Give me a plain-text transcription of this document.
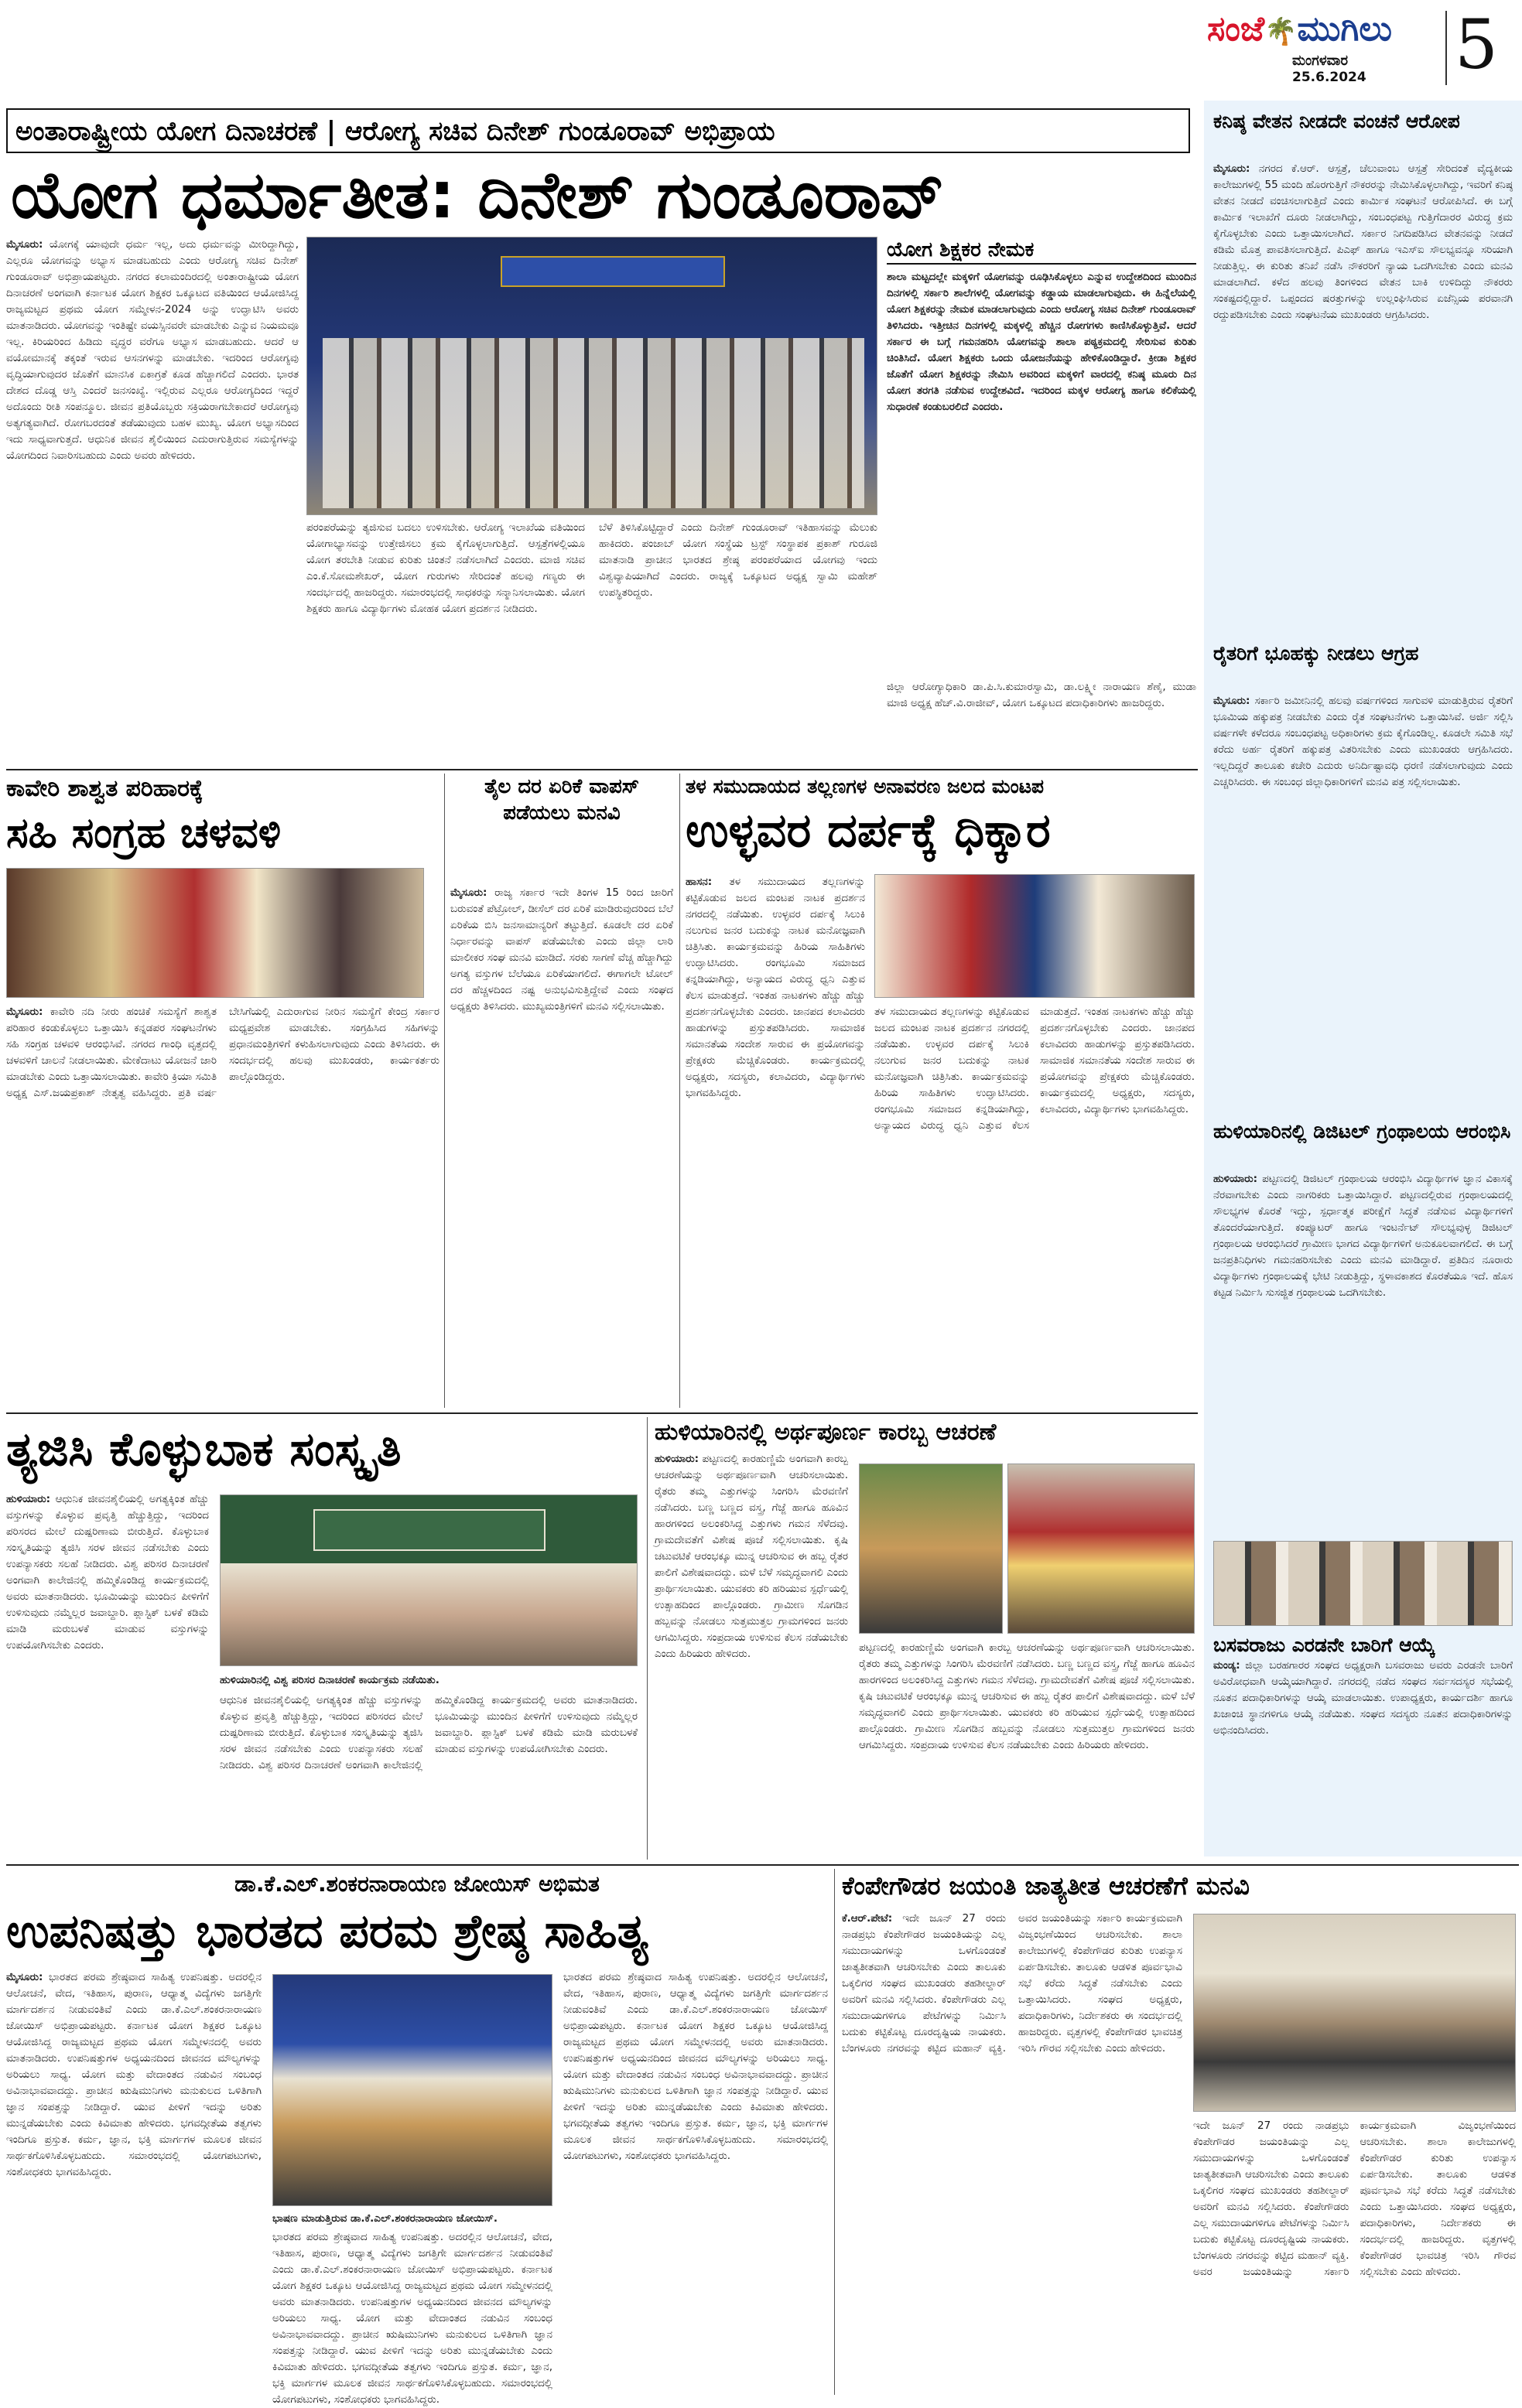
ಸಂಜೆ🌴ಮುಗಿಲು
ಮಂಗಳವಾರ
25.6.2024 5
ಅಂತಾರಾಷ್ಟ್ರೀಯ ಯೋಗ ದಿನಾಚರಣೆ | ಆರೋಗ್ಯ ಸಚಿವ ದಿನೇಶ್ ಗುಂಡೂರಾವ್ ಅಭಿಪ್ರಾಯ
ಯೋಗ ಧರ್ಮಾತೀತ: ದಿನೇಶ್ ಗುಂಡೂರಾವ್

ಮೈಸೂರು: ಯೋಗಕ್ಕೆ ಯಾವುದೇ ಧರ್ಮ ಇಲ್ಲ, ಅದು ಧರ್ಮವನ್ನು ಮೀರಿದ್ದಾಗಿದ್ದು, ಎಲ್ಲರೂ ಯೋಗವನ್ನು ಅಭ್ಯಾಸ ಮಾಡಬಹುದು ಎಂದು ಆರೋಗ್ಯ ಸಚಿವ ದಿನೇಶ್ ಗುಂಡೂರಾವ್ ಅಭಿಪ್ರಾಯಪಟ್ಟರು. ನಗರದ ಕಲಾಮಂದಿರದಲ್ಲಿ ಅಂತಾರಾಷ್ಟ್ರೀಯ ಯೋಗ ದಿನಾಚರಣೆ ಅಂಗವಾಗಿ ಕರ್ನಾಟಕ ಯೋಗ ಶಿಕ್ಷಕರ ಒಕ್ಕೂಟದ ವತಿಯಿಂದ ಆಯೋಜಿಸಿದ್ದ ರಾಜ್ಯಮಟ್ಟದ ಪ್ರಥಮ ಯೋಗ ಸಮ್ಮೇಳನ-2024 ಅನ್ನು ಉದ್ಘಾಟಿಸಿ ಅವರು ಮಾತನಾಡಿದರು. ಯೋಗವನ್ನು ಇಂತಿಷ್ಟೇ ವಯಸ್ಸಿನವರೇ ಮಾಡಬೇಕು ಎನ್ನುವ ನಿಯಮವೂ ಇಲ್ಲ. ಕಿರಿಯರಿಂದ ಹಿಡಿದು ವೃದ್ಧರ ವರೆಗೂ ಅಭ್ಯಾಸ ಮಾಡಬಹುದು. ಆದರೆ ಆ ವಯೋಮಾನಕ್ಕೆ ತಕ್ಕಂತೆ ಇರುವ ಆಸನಗಳನ್ನು ಮಾಡಬೇಕು. ಇದರಿಂದ ಆರೋಗ್ಯವು ವೃದ್ಧಿಯಾಗುವುದರ ಜೊತೆಗೆ ಮಾನಸಿಕ ಏಕಾಗ್ರತೆ ಕೂಡ ಹೆಚ್ಚಾಗಲಿದೆ ಎಂದರು. ಭಾರತ ದೇಶದ ದೊಡ್ಡ ಆಸ್ತಿ ಎಂದರೆ ಜನಸಂಖ್ಯೆ. ಇಲ್ಲಿರುವ ಎಲ್ಲರೂ ಆರೋಗ್ಯದಿಂದ ಇದ್ದರೆ ಅದೊಂದು ರೀತಿ ಸಂಪನ್ಮೂಲ. ಜೀವನ ಪ್ರತಿಯೊಬ್ಬರು ಸಕ್ರಿಯರಾಗಬೇಕಾದರೆ ಆರೋಗ್ಯವು ಅತ್ಯಗತ್ಯವಾಗಿದೆ. ರೋಗಬರದಂತೆ ತಡೆಯುವುದು ಬಹಳ ಮುಖ್ಯ. ಯೋಗ ಅಭ್ಯಾಸದಿಂದ ಇದು ಸಾಧ್ಯವಾಗುತ್ತದೆ. ಆಧುನಿಕ ಜೀವನ ಶೈಲಿಯಿಂದ ಎದುರಾಗುತ್ತಿರುವ ಸಮಸ್ಯೆಗಳನ್ನು ಯೋಗದಿಂದ ನಿವಾರಿಸಬಹುದು ಎಂದು ಅವರು ಹೇಳಿದರು.

ಪರಂಪರೆಯನ್ನು ತ್ಯಜಿಸುವ ಬದಲು ಉಳಿಸಬೇಕು. ಆರೋಗ್ಯ ಇಲಾಖೆಯ ವತಿಯಿಂದ ಯೋಗಾಭ್ಯಾಸವನ್ನು ಉತ್ತೇಜಿಸಲು ಕ್ರಮ ಕೈಗೊಳ್ಳಲಾಗುತ್ತಿದೆ. ಆಸ್ಪತ್ರೆಗಳಲ್ಲಿಯೂ ಯೋಗ ತರಬೇತಿ ನೀಡುವ ಕುರಿತು ಚಿಂತನೆ ನಡೆಸಲಾಗಿದೆ ಎಂದರು. ಮಾಜಿ ಸಚಿವ ಎಂ.ಕೆ.ಸೋಮಶೇಖರ್, ಯೋಗ ಗುರುಗಳು ಸೇರಿದಂತೆ ಹಲವು ಗಣ್ಯರು ಈ ಸಂದರ್ಭದಲ್ಲಿ ಹಾಜರಿದ್ದರು. ಸಮಾರಂಭದಲ್ಲಿ ಸಾಧಕರನ್ನು ಸನ್ಮಾನಿಸಲಾಯಿತು. ಯೋಗ ಶಿಕ್ಷಕರು ಹಾಗೂ ವಿದ್ಯಾರ್ಥಿಗಳು ಮೋಹಕ ಯೋಗ ಪ್ರದರ್ಶನ ನೀಡಿದರು.

ಬೆಳೆ ತಿಳಿಸಿಕೊಟ್ಟಿದ್ದಾರೆ ಎಂದು ದಿನೇಶ್ ಗುಂಡೂರಾವ್ ಇತಿಹಾಸವನ್ನು ಮೆಲುಕು ಹಾಕಿದರು. ಪಂಜಾಬ್ ಯೋಗ ಸಂಸ್ಥೆಯ ಟ್ರಸ್ಟ್ ಸಂಸ್ಥಾಪಕ ಪ್ರಕಾಶ್ ಗುರೂಜಿ ಮಾತನಾಡಿ ಪ್ರಾಚೀನ ಭಾರತದ ಶ್ರೇಷ್ಠ ಪರಂಪರೆಯಾದ ಯೋಗವು ಇಂದು ವಿಶ್ವವ್ಯಾಪಿಯಾಗಿದೆ ಎಂದರು. ರಾಜ್ಯಕ್ಕೆ ಒಕ್ಕೂಟದ ಅಧ್ಯಕ್ಷ ಸ್ವಾಮಿ ಮಹೇಶ್ ಉಪಸ್ಥಿತರಿದ್ದರು.

ಯೋಗ ಶಿಕ್ಷಕರ ನೇಮಕ
ಶಾಲಾ ಮಟ್ಟದಲ್ಲೇ ಮಕ್ಕಳಿಗೆ ಯೋಗವನ್ನು ರೂಢಿಸಿಕೊಳ್ಳಲು ಎನ್ನುವ ಉದ್ದೇಶದಿಂದ ಮುಂದಿನ ದಿನಗಳಲ್ಲಿ ಸರ್ಕಾರಿ ಶಾಲೆಗಳಲ್ಲಿ ಯೋಗವನ್ನು ಕಡ್ಡಾಯ ಮಾಡಲಾಗುವುದು. ಈ ಹಿನ್ನೆಲೆಯಲ್ಲಿ ಯೋಗ ಶಿಕ್ಷಕರನ್ನು ನೇಮಕ ಮಾಡಲಾಗುವುದು ಎಂದು ಆರೋಗ್ಯ ಸಚಿವ ದಿನೇಶ್ ಗುಂಡೂರಾವ್ ತಿಳಿಸಿದರು. ಇತ್ತೀಚಿನ ದಿನಗಳಲ್ಲಿ ಮಕ್ಕಳಲ್ಲಿ ಹೆಚ್ಚಿನ ರೋಗಗಳು ಕಾಣಿಸಿಕೊಳ್ಳುತ್ತಿವೆ. ಆದರೆ ಸರ್ಕಾರ ಈ ಬಗ್ಗೆ ಗಮನಹರಿಸಿ ಯೋಗವನ್ನು ಶಾಲಾ ಪಠ್ಯಕ್ರಮದಲ್ಲಿ ಸೇರಿಸುವ ಕುರಿತು ಚಿಂತಿಸಿದೆ. ಯೋಗ ಶಿಕ್ಷಕರು ಒಂದು ಯೋಜನೆಯನ್ನು ಹೇಳಿಕೊಂಡಿದ್ದಾರೆ. ಕ್ರೀಡಾ ಶಿಕ್ಷಕರ ಜೊತೆಗೆ ಯೋಗ ಶಿಕ್ಷಕರನ್ನು ನೇಮಿಸಿ ಅವರಿಂದ ಮಕ್ಕಳಿಗೆ ವಾರದಲ್ಲಿ ಕನಿಷ್ಠ ಮೂರು ದಿನ ಯೋಗ ತರಗತಿ ನಡೆಸುವ ಉದ್ದೇಶವಿದೆ. ಇದರಿಂದ ಮಕ್ಕಳ ಆರೋಗ್ಯ ಹಾಗೂ ಕಲಿಕೆಯಲ್ಲಿ ಸುಧಾರಣೆ ಕಂಡುಬರಲಿದೆ ಎಂದರು.
ಜಿಲ್ಲಾ ಆರೋಗ್ಯಾಧಿಕಾರಿ ಡಾ.ಪಿ.ಸಿ.ಕುಮಾರಸ್ವಾಮಿ, ಡಾ.ಲಕ್ಷ್ಮೀ ನಾರಾಯಣ ಶೆಣೈ, ಮುಡಾ ಮಾಜಿ ಅಧ್ಯಕ್ಷ ಹೆಚ್.ವಿ.ರಾಜೀವ್, ಯೋಗ ಒಕ್ಕೂಟದ ಪದಾಧಿಕಾರಿಗಳು ಹಾಜರಿದ್ದರು.
ಕನಿಷ್ಠ ವೇತನ ನೀಡದೇ ವಂಚನೆ ಆರೋಪ
ಮೈಸೂರು: ನಗರದ ಕೆ.ಆರ್. ಆಸ್ಪತ್ರೆ, ಚೆಲುವಾಂಬ ಆಸ್ಪತ್ರೆ ಸೇರಿದಂತೆ ವೈದ್ಯಕೀಯ ಕಾಲೇಜುಗಳಲ್ಲಿ 55 ಮಂದಿ ಹೊರಗುತ್ತಿಗೆ ನೌಕರರನ್ನು ನೇಮಿಸಿಕೊಳ್ಳಲಾಗಿದ್ದು, ಇವರಿಗೆ ಕನಿಷ್ಠ ವೇತನ ನೀಡದೆ ವಂಚಿಸಲಾಗುತ್ತಿದೆ ಎಂದು ಕಾರ್ಮಿಕ ಸಂಘಟನೆ ಆರೋಪಿಸಿದೆ. ಈ ಬಗ್ಗೆ ಕಾರ್ಮಿಕ ಇಲಾಖೆಗೆ ದೂರು ನೀಡಲಾಗಿದ್ದು, ಸಂಬಂಧಪಟ್ಟ ಗುತ್ತಿಗೆದಾರರ ವಿರುದ್ಧ ಕ್ರಮ ಕೈಗೊಳ್ಳಬೇಕು ಎಂದು ಒತ್ತಾಯಿಸಲಾಗಿದೆ. ಸರ್ಕಾರ ನಿಗದಿಪಡಿಸಿದ ವೇತನವನ್ನು ನೀಡದೆ ಕಡಿಮೆ ಮೊತ್ತ ಪಾವತಿಸಲಾಗುತ್ತಿದೆ. ಪಿಎಫ್ ಹಾಗೂ ಇಎಸ್ಐ ಸೌಲಭ್ಯವನ್ನೂ ಸರಿಯಾಗಿ ನೀಡುತ್ತಿಲ್ಲ. ಈ ಕುರಿತು ತನಿಖೆ ನಡೆಸಿ ನೌಕರರಿಗೆ ನ್ಯಾಯ ಒದಗಿಸಬೇಕು ಎಂದು ಮನವಿ ಮಾಡಲಾಗಿದೆ. ಕಳೆದ ಹಲವು ತಿಂಗಳಿಂದ ವೇತನ ಬಾಕಿ ಉಳಿದಿದ್ದು ನೌಕರರು ಸಂಕಷ್ಟದಲ್ಲಿದ್ದಾರೆ. ಒಪ್ಪಂದದ ಷರತ್ತುಗಳನ್ನು ಉಲ್ಲಂಘಿಸಿರುವ ಏಜೆನ್ಸಿಯ ಪರವಾನಗಿ ರದ್ದುಪಡಿಸಬೇಕು ಎಂದು ಸಂಘಟನೆಯ ಮುಖಂಡರು ಆಗ್ರಹಿಸಿದರು.
ರೈತರಿಗೆ ಭೂಹಕ್ಕು ನೀಡಲು ಆಗ್ರಹ
ಮೈಸೂರು: ಸರ್ಕಾರಿ ಜಮೀನಿನಲ್ಲಿ ಹಲವು ವರ್ಷಗಳಿಂದ ಸಾಗುವಳಿ ಮಾಡುತ್ತಿರುವ ರೈತರಿಗೆ ಭೂಮಿಯ ಹಕ್ಕುಪತ್ರ ನೀಡಬೇಕು ಎಂದು ರೈತ ಸಂಘಟನೆಗಳು ಒತ್ತಾಯಿಸಿವೆ. ಅರ್ಜಿ ಸಲ್ಲಿಸಿ ವರ್ಷಗಳೇ ಕಳೆದರೂ ಸಂಬಂಧಪಟ್ಟ ಅಧಿಕಾರಿಗಳು ಕ್ರಮ ಕೈಗೊಂಡಿಲ್ಲ. ಕೂಡಲೇ ಸಮಿತಿ ಸಭೆ ಕರೆದು ಅರ್ಹ ರೈತರಿಗೆ ಹಕ್ಕುಪತ್ರ ವಿತರಿಸಬೇಕು ಎಂದು ಮುಖಂಡರು ಆಗ್ರಹಿಸಿದರು. ಇಲ್ಲದಿದ್ದರೆ ತಾಲೂಕು ಕಚೇರಿ ಎದುರು ಅನಿರ್ದಿಷ್ಟಾವಧಿ ಧರಣಿ ನಡೆಸಲಾಗುವುದು ಎಂದು ಎಚ್ಚರಿಸಿದರು. ಈ ಸಂಬಂಧ ಜಿಲ್ಲಾಧಿಕಾರಿಗಳಿಗೆ ಮನವಿ ಪತ್ರ ಸಲ್ಲಿಸಲಾಯಿತು.
ಹುಳಿಯಾರಿನಲ್ಲಿ ಡಿಜಿಟಲ್ ಗ್ರಂಥಾಲಯ ಆರಂಭಿಸಿ
ಹುಳಿಯಾರು: ಪಟ್ಟಣದಲ್ಲಿ ಡಿಜಿಟಲ್ ಗ್ರಂಥಾಲಯ ಆರಂಭಿಸಿ ವಿದ್ಯಾರ್ಥಿಗಳ ಜ್ಞಾನ ವಿಕಾಸಕ್ಕೆ ನೆರವಾಗಬೇಕು ಎಂದು ನಾಗರಿಕರು ಒತ್ತಾಯಿಸಿದ್ದಾರೆ. ಪಟ್ಟಣದಲ್ಲಿರುವ ಗ್ರಂಥಾಲಯದಲ್ಲಿ ಸೌಲಭ್ಯಗಳ ಕೊರತೆ ಇದ್ದು, ಸ್ಪರ್ಧಾತ್ಮಕ ಪರೀಕ್ಷೆಗೆ ಸಿದ್ಧತೆ ನಡೆಸುವ ವಿದ್ಯಾರ್ಥಿಗಳಿಗೆ ತೊಂದರೆಯಾಗುತ್ತಿದೆ. ಕಂಪ್ಯೂಟರ್ ಹಾಗೂ ಇಂಟರ್ನೆಟ್ ಸೌಲಭ್ಯವುಳ್ಳ ಡಿಜಿಟಲ್ ಗ್ರಂಥಾಲಯ ಆರಂಭಿಸಿದರೆ ಗ್ರಾಮೀಣ ಭಾಗದ ವಿದ್ಯಾರ್ಥಿಗಳಿಗೆ ಅನುಕೂಲವಾಗಲಿದೆ. ಈ ಬಗ್ಗೆ ಜನಪ್ರತಿನಿಧಿಗಳು ಗಮನಹರಿಸಬೇಕು ಎಂದು ಮನವಿ ಮಾಡಿದ್ದಾರೆ. ಪ್ರತಿದಿನ ನೂರಾರು ವಿದ್ಯಾರ್ಥಿಗಳು ಗ್ರಂಥಾಲಯಕ್ಕೆ ಭೇಟಿ ನೀಡುತ್ತಿದ್ದು, ಸ್ಥಳಾವಕಾಶದ ಕೊರತೆಯೂ ಇದೆ. ಹೊಸ ಕಟ್ಟಡ ನಿರ್ಮಿಸಿ ಸುಸಜ್ಜಿತ ಗ್ರಂಥಾಲಯ ಒದಗಿಸಬೇಕು.
ಬಸವರಾಜು ಎರಡನೇ ಬಾರಿಗೆ ಆಯ್ಕೆ
ಮಂಡ್ಯ: ಜಿಲ್ಲಾ ಬರಹಗಾರರ ಸಂಘದ ಅಧ್ಯಕ್ಷರಾಗಿ ಬಸವರಾಜು ಅವರು ಎರಡನೇ ಬಾರಿಗೆ ಅವಿರೋಧವಾಗಿ ಆಯ್ಕೆಯಾಗಿದ್ದಾರೆ. ನಗರದಲ್ಲಿ ನಡೆದ ಸಂಘದ ಸರ್ವಸದಸ್ಯರ ಸಭೆಯಲ್ಲಿ ನೂತನ ಪದಾಧಿಕಾರಿಗಳನ್ನು ಆಯ್ಕೆ ಮಾಡಲಾಯಿತು. ಉಪಾಧ್ಯಕ್ಷರು, ಕಾರ್ಯದರ್ಶಿ ಹಾಗೂ ಖಜಾಂಚಿ ಸ್ಥಾನಗಳಿಗೂ ಆಯ್ಕೆ ನಡೆಯಿತು. ಸಂಘದ ಸದಸ್ಯರು ನೂತನ ಪದಾಧಿಕಾರಿಗಳನ್ನು ಅಭಿನಂದಿಸಿದರು.
ಕಾವೇರಿ ಶಾಶ್ವತ ಪರಿಹಾರಕ್ಕೆ
ಸಹಿ ಸಂಗ್ರಹ ಚಳವಳಿ
ಮೈಸೂರು: ಕಾವೇರಿ ನದಿ ನೀರು ಹಂಚಿಕೆ ಸಮಸ್ಯೆಗೆ ಶಾಶ್ವತ ಪರಿಹಾರ ಕಂಡುಕೊಳ್ಳಲು ಒತ್ತಾಯಿಸಿ ಕನ್ನಡಪರ ಸಂಘಟನೆಗಳು ಸಹಿ ಸಂಗ್ರಹ ಚಳವಳಿ ಆರಂಭಿಸಿವೆ. ನಗರದ ಗಾಂಧಿ ವೃತ್ತದಲ್ಲಿ ಚಳವಳಿಗೆ ಚಾಲನೆ ನೀಡಲಾಯಿತು. ಮೇಕೆದಾಟು ಯೋಜನೆ ಜಾರಿ ಮಾಡಬೇಕು ಎಂದು ಒತ್ತಾಯಿಸಲಾಯಿತು. ಕಾವೇರಿ ಕ್ರಿಯಾ ಸಮಿತಿ ಅಧ್ಯಕ್ಷ ಎಸ್.ಜಯಪ್ರಕಾಶ್ ನೇತೃತ್ವ ವಹಿಸಿದ್ದರು. ಪ್ರತಿ ವರ್ಷ ಬೇಸಿಗೆಯಲ್ಲಿ ಎದುರಾಗುವ ನೀರಿನ ಸಮಸ್ಯೆಗೆ ಕೇಂದ್ರ ಸರ್ಕಾರ ಮಧ್ಯಪ್ರವೇಶ ಮಾಡಬೇಕು. ಸಂಗ್ರಹಿಸಿದ ಸಹಿಗಳನ್ನು ಪ್ರಧಾನಮಂತ್ರಿಗಳಿಗೆ ಕಳುಹಿಸಲಾಗುವುದು ಎಂದು ತಿಳಿಸಿದರು. ಈ ಸಂದರ್ಭದಲ್ಲಿ ಹಲವು ಮುಖಂಡರು, ಕಾರ್ಯಕರ್ತರು ಪಾಲ್ಗೊಂಡಿದ್ದರು.
ತೈಲ ದರ ಏರಿಕೆ ವಾಪಸ್ ಪಡೆಯಲು ಮನವಿ
ಮೈಸೂರು: ರಾಜ್ಯ ಸರ್ಕಾರ ಇದೇ ತಿಂಗಳ 15 ರಿಂದ ಜಾರಿಗೆ ಬರುವಂತೆ ಪೆಟ್ರೋಲ್, ಡೀಸೆಲ್ ದರ ಏರಿಕೆ ಮಾಡಿರುವುದರಿಂದ ಬೆಲೆ ಏರಿಕೆಯ ಬಿಸಿ ಜನಸಾಮಾನ್ಯರಿಗೆ ತಟ್ಟುತ್ತಿದೆ. ಕೂಡಲೇ ದರ ಏರಿಕೆ ನಿರ್ಧಾರವನ್ನು ವಾಪಸ್ ಪಡೆಯಬೇಕು ಎಂದು ಜಿಲ್ಲಾ ಲಾರಿ ಮಾಲೀಕರ ಸಂಘ ಮನವಿ ಮಾಡಿದೆ. ಸರಕು ಸಾಗಣೆ ವೆಚ್ಚ ಹೆಚ್ಚಾಗಿದ್ದು ಅಗತ್ಯ ವಸ್ತುಗಳ ಬೆಲೆಯೂ ಏರಿಕೆಯಾಗಲಿದೆ. ಈಗಾಗಲೇ ಟೋಲ್ ದರ ಹೆಚ್ಚಳದಿಂದ ನಷ್ಟ ಅನುಭವಿಸುತ್ತಿದ್ದೇವೆ ಎಂದು ಸಂಘದ ಅಧ್ಯಕ್ಷರು ತಿಳಿಸಿದರು. ಮುಖ್ಯಮಂತ್ರಿಗಳಿಗೆ ಮನವಿ ಸಲ್ಲಿಸಲಾಯಿತು.
ತಳ ಸಮುದಾಯದ ತಲ್ಲಣಗಳ ಅನಾವರಣ ಜಲದ ಮಂಟಪ
ಉಳ್ಳವರ ದರ್ಪಕ್ಕೆ ಧಿಕ್ಕಾರ
ಹಾಸನ: ತಳ ಸಮುದಾಯದ ತಲ್ಲಣಗಳನ್ನು ಕಟ್ಟಿಕೊಡುವ ಜಲದ ಮಂಟಪ ನಾಟಕ ಪ್ರದರ್ಶನ ನಗರದಲ್ಲಿ ನಡೆಯಿತು. ಉಳ್ಳವರ ದರ್ಪಕ್ಕೆ ಸಿಲುಕಿ ನಲುಗುವ ಜನರ ಬದುಕನ್ನು ನಾಟಕ ಮನೋಜ್ಞವಾಗಿ ಚಿತ್ರಿಸಿತು. ಕಾರ್ಯಕ್ರಮವನ್ನು ಹಿರಿಯ ಸಾಹಿತಿಗಳು ಉದ್ಘಾಟಿಸಿದರು. ರಂಗಭೂಮಿ ಸಮಾಜದ ಕನ್ನಡಿಯಾಗಿದ್ದು, ಅನ್ಯಾಯದ ವಿರುದ್ಧ ಧ್ವನಿ ಎತ್ತುವ ಕೆಲಸ ಮಾಡುತ್ತದೆ. ಇಂತಹ ನಾಟಕಗಳು ಹೆಚ್ಚು ಹೆಚ್ಚು ಪ್ರದರ್ಶನಗೊಳ್ಳಬೇಕು ಎಂದರು. ಜಾನಪದ ಕಲಾವಿದರು ಹಾಡುಗಳನ್ನು ಪ್ರಸ್ತುತಪಡಿಸಿದರು. ಸಾಮಾಜಿಕ ಸಮಾನತೆಯ ಸಂದೇಶ ಸಾರುವ ಈ ಪ್ರಯೋಗವನ್ನು ಪ್ರೇಕ್ಷಕರು ಮೆಚ್ಚಿಕೊಂಡರು. ಕಾರ್ಯಕ್ರಮದಲ್ಲಿ ಅಧ್ಯಕ್ಷರು, ಸದಸ್ಯರು, ಕಲಾವಿದರು, ವಿದ್ಯಾರ್ಥಿಗಳು ಭಾಗವಹಿಸಿದ್ದರು.
ತಳ ಸಮುದಾಯದ ತಲ್ಲಣಗಳನ್ನು ಕಟ್ಟಿಕೊಡುವ ಜಲದ ಮಂಟಪ ನಾಟಕ ಪ್ರದರ್ಶನ ನಗರದಲ್ಲಿ ನಡೆಯಿತು. ಉಳ್ಳವರ ದರ್ಪಕ್ಕೆ ಸಿಲುಕಿ ನಲುಗುವ ಜನರ ಬದುಕನ್ನು ನಾಟಕ ಮನೋಜ್ಞವಾಗಿ ಚಿತ್ರಿಸಿತು. ಕಾರ್ಯಕ್ರಮವನ್ನು ಹಿರಿಯ ಸಾಹಿತಿಗಳು ಉದ್ಘಾಟಿಸಿದರು. ರಂಗಭೂಮಿ ಸಮಾಜದ ಕನ್ನಡಿಯಾಗಿದ್ದು, ಅನ್ಯಾಯದ ವಿರುದ್ಧ ಧ್ವನಿ ಎತ್ತುವ ಕೆಲಸ ಮಾಡುತ್ತದೆ. ಇಂತಹ ನಾಟಕಗಳು ಹೆಚ್ಚು ಹೆಚ್ಚು ಪ್ರದರ್ಶನಗೊಳ್ಳಬೇಕು ಎಂದರು. ಜಾನಪದ ಕಲಾವಿದರು ಹಾಡುಗಳನ್ನು ಪ್ರಸ್ತುತಪಡಿಸಿದರು. ಸಾಮಾಜಿಕ ಸಮಾನತೆಯ ಸಂದೇಶ ಸಾರುವ ಈ ಪ್ರಯೋಗವನ್ನು ಪ್ರೇಕ್ಷಕರು ಮೆಚ್ಚಿಕೊಂಡರು. ಕಾರ್ಯಕ್ರಮದಲ್ಲಿ ಅಧ್ಯಕ್ಷರು, ಸದಸ್ಯರು, ಕಲಾವಿದರು, ವಿದ್ಯಾರ್ಥಿಗಳು ಭಾಗವಹಿಸಿದ್ದರು.
ತ್ಯಜಿಸಿ ಕೊಳ್ಳುಬಾಕ ಸಂಸ್ಕೃತಿ
ಹುಳಿಯಾರು: ಆಧುನಿಕ ಜೀವನಶೈಲಿಯಲ್ಲಿ ಅಗತ್ಯಕ್ಕಿಂತ ಹೆಚ್ಚು ವಸ್ತುಗಳನ್ನು ಕೊಳ್ಳುವ ಪ್ರವೃತ್ತಿ ಹೆಚ್ಚುತ್ತಿದ್ದು, ಇದರಿಂದ ಪರಿಸರದ ಮೇಲೆ ದುಷ್ಪರಿಣಾಮ ಬೀರುತ್ತಿದೆ. ಕೊಳ್ಳುಬಾಕ ಸಂಸ್ಕೃತಿಯನ್ನು ತ್ಯಜಿಸಿ ಸರಳ ಜೀವನ ನಡೆಸಬೇಕು ಎಂದು ಉಪನ್ಯಾಸಕರು ಸಲಹೆ ನೀಡಿದರು. ವಿಶ್ವ ಪರಿಸರ ದಿನಾಚರಣೆ ಅಂಗವಾಗಿ ಕಾಲೇಜಿನಲ್ಲಿ ಹಮ್ಮಿಕೊಂಡಿದ್ದ ಕಾರ್ಯಕ್ರಮದಲ್ಲಿ ಅವರು ಮಾತನಾಡಿದರು. ಭೂಮಿಯನ್ನು ಮುಂದಿನ ಪೀಳಿಗೆಗೆ ಉಳಿಸುವುದು ನಮ್ಮೆಲ್ಲರ ಜವಾಬ್ದಾರಿ. ಪ್ಲಾಸ್ಟಿಕ್ ಬಳಕೆ ಕಡಿಮೆ ಮಾಡಿ ಮರುಬಳಕೆ ಮಾಡುವ ವಸ್ತುಗಳನ್ನು ಉಪಯೋಗಿಸಬೇಕು ಎಂದರು.
ಹುಳಿಯಾರಿನಲ್ಲಿ ವಿಶ್ವ ಪರಿಸರ ದಿನಾಚರಣೆ ಕಾರ್ಯಕ್ರಮ ನಡೆಯಿತು.
ಆಧುನಿಕ ಜೀವನಶೈಲಿಯಲ್ಲಿ ಅಗತ್ಯಕ್ಕಿಂತ ಹೆಚ್ಚು ವಸ್ತುಗಳನ್ನು ಕೊಳ್ಳುವ ಪ್ರವೃತ್ತಿ ಹೆಚ್ಚುತ್ತಿದ್ದು, ಇದರಿಂದ ಪರಿಸರದ ಮೇಲೆ ದುಷ್ಪರಿಣಾಮ ಬೀರುತ್ತಿದೆ. ಕೊಳ್ಳುಬಾಕ ಸಂಸ್ಕೃತಿಯನ್ನು ತ್ಯಜಿಸಿ ಸರಳ ಜೀವನ ನಡೆಸಬೇಕು ಎಂದು ಉಪನ್ಯಾಸಕರು ಸಲಹೆ ನೀಡಿದರು. ವಿಶ್ವ ಪರಿಸರ ದಿನಾಚರಣೆ ಅಂಗವಾಗಿ ಕಾಲೇಜಿನಲ್ಲಿ ಹಮ್ಮಿಕೊಂಡಿದ್ದ ಕಾರ್ಯಕ್ರಮದಲ್ಲಿ ಅವರು ಮಾತನಾಡಿದರು. ಭೂಮಿಯನ್ನು ಮುಂದಿನ ಪೀಳಿಗೆಗೆ ಉಳಿಸುವುದು ನಮ್ಮೆಲ್ಲರ ಜವಾಬ್ದಾರಿ. ಪ್ಲಾಸ್ಟಿಕ್ ಬಳಕೆ ಕಡಿಮೆ ಮಾಡಿ ಮರುಬಳಕೆ ಮಾಡುವ ವಸ್ತುಗಳನ್ನು ಉಪಯೋಗಿಸಬೇಕು ಎಂದರು.
ಹುಳಿಯಾರಿನಲ್ಲಿ ಅರ್ಥಪೂರ್ಣ ಕಾರಬ್ಬ ಆಚರಣೆ
ಹುಳಿಯಾರು: ಪಟ್ಟಣದಲ್ಲಿ ಕಾರಹುಣ್ಣಿಮೆ ಅಂಗವಾಗಿ ಕಾರಬ್ಬ ಆಚರಣೆಯನ್ನು ಅರ್ಥಪೂರ್ಣವಾಗಿ ಆಚರಿಸಲಾಯಿತು. ರೈತರು ತಮ್ಮ ಎತ್ತುಗಳನ್ನು ಸಿಂಗರಿಸಿ ಮೆರವಣಿಗೆ ನಡೆಸಿದರು. ಬಣ್ಣ ಬಣ್ಣದ ವಸ್ತ್ರ, ಗೆಜ್ಜೆ ಹಾಗೂ ಹೂವಿನ ಹಾರಗಳಿಂದ ಅಲಂಕರಿಸಿದ್ದ ಎತ್ತುಗಳು ಗಮನ ಸೆಳೆದವು. ಗ್ರಾಮದೇವತೆಗೆ ವಿಶೇಷ ಪೂಜೆ ಸಲ್ಲಿಸಲಾಯಿತು. ಕೃಷಿ ಚಟುವಟಿಕೆ ಆರಂಭಕ್ಕೂ ಮುನ್ನ ಆಚರಿಸುವ ಈ ಹಬ್ಬ ರೈತರ ಪಾಲಿಗೆ ವಿಶೇಷವಾದದ್ದು. ಮಳೆ ಬೆಳೆ ಸಮೃದ್ಧವಾಗಲಿ ಎಂದು ಪ್ರಾರ್ಥಿಸಲಾಯಿತು. ಯುವಕರು ಕರಿ ಹರಿಯುವ ಸ್ಪರ್ಧೆಯಲ್ಲಿ ಉತ್ಸಾಹದಿಂದ ಪಾಲ್ಗೊಂಡರು. ಗ್ರಾಮೀಣ ಸೊಗಡಿನ ಹಬ್ಬವನ್ನು ನೋಡಲು ಸುತ್ತಮುತ್ತಲ ಗ್ರಾಮಗಳಿಂದ ಜನರು ಆಗಮಿಸಿದ್ದರು. ಸಂಪ್ರದಾಯ ಉಳಿಸುವ ಕೆಲಸ ನಡೆಯಬೇಕು ಎಂದು ಹಿರಿಯರು ಹೇಳಿದರು.	ಪಟ್ಟಣದಲ್ಲಿ ಕಾರಹುಣ್ಣಿಮೆ ಅಂಗವಾಗಿ ಕಾರಬ್ಬ ಆಚರಣೆಯನ್ನು ಅರ್ಥಪೂರ್ಣವಾಗಿ ಆಚರಿಸಲಾಯಿತು. ರೈತರು ತಮ್ಮ ಎತ್ತುಗಳನ್ನು ಸಿಂಗರಿಸಿ ಮೆರವಣಿಗೆ ನಡೆಸಿದರು. ಬಣ್ಣ ಬಣ್ಣದ ವಸ್ತ್ರ, ಗೆಜ್ಜೆ ಹಾಗೂ ಹೂವಿನ ಹಾರಗಳಿಂದ ಅಲಂಕರಿಸಿದ್ದ ಎತ್ತುಗಳು ಗಮನ ಸೆಳೆದವು. ಗ್ರಾಮದೇವತೆಗೆ ವಿಶೇಷ ಪೂಜೆ ಸಲ್ಲಿಸಲಾಯಿತು. ಕೃಷಿ ಚಟುವಟಿಕೆ ಆರಂಭಕ್ಕೂ ಮುನ್ನ ಆಚರಿಸುವ ಈ ಹಬ್ಬ ರೈತರ ಪಾಲಿಗೆ ವಿಶೇಷವಾದದ್ದು. ಮಳೆ ಬೆಳೆ ಸಮೃದ್ಧವಾಗಲಿ ಎಂದು ಪ್ರಾರ್ಥಿಸಲಾಯಿತು. ಯುವಕರು ಕರಿ ಹರಿಯುವ ಸ್ಪರ್ಧೆಯಲ್ಲಿ ಉತ್ಸಾಹದಿಂದ ಪಾಲ್ಗೊಂಡರು. ಗ್ರಾಮೀಣ ಸೊಗಡಿನ ಹಬ್ಬವನ್ನು ನೋಡಲು ಸುತ್ತಮುತ್ತಲ ಗ್ರಾಮಗಳಿಂದ ಜನರು ಆಗಮಿಸಿದ್ದರು. ಸಂಪ್ರದಾಯ ಉಳಿಸುವ ಕೆಲಸ ನಡೆಯಬೇಕು ಎಂದು ಹಿರಿಯರು ಹೇಳಿದರು.
ಡಾ.ಕೆ.ಎಲ್.ಶಂಕರನಾರಾಯಣ ಜೋಯಿಸ್ ಅಭಿಮತ
ಉಪನಿಷತ್ತು ಭಾರತದ ಪರಮ ಶ್ರೇಷ್ಠ ಸಾಹಿತ್ಯ
ಮೈಸೂರು: ಭಾರತದ ಪರಮ ಶ್ರೇಷ್ಠವಾದ ಸಾಹಿತ್ಯ ಉಪನಿಷತ್ತು. ಅದರಲ್ಲಿನ ಆಲೋಚನೆ, ವೇದ, ಇತಿಹಾಸ, ಪುರಾಣ, ಆಧ್ಯಾತ್ಮ ವಿದ್ಯೆಗಳು ಜಗತ್ತಿಗೇ ಮಾರ್ಗದರ್ಶನ ನೀಡುವಂತಿವೆ ಎಂದು ಡಾ.ಕೆ.ಎಲ್.ಶಂಕರನಾರಾಯಣ ಜೋಯಿಸ್ ಅಭಿಪ್ರಾಯಪಟ್ಟರು. ಕರ್ನಾಟಕ ಯೋಗ ಶಿಕ್ಷಕರ ಒಕ್ಕೂಟ ಆಯೋಜಿಸಿದ್ದ ರಾಜ್ಯಮಟ್ಟದ ಪ್ರಥಮ ಯೋಗ ಸಮ್ಮೇಳನದಲ್ಲಿ ಅವರು ಮಾತನಾಡಿದರು. ಉಪನಿಷತ್ತುಗಳ ಅಧ್ಯಯನದಿಂದ ಜೀವನದ ಮೌಲ್ಯಗಳನ್ನು ಅರಿಯಲು ಸಾಧ್ಯ. ಯೋಗ ಮತ್ತು ವೇದಾಂತದ ನಡುವಿನ ಸಂಬಂಧ ಅವಿನಾಭಾವವಾದದ್ದು. ಪ್ರಾಚೀನ ಋಷಿಮುನಿಗಳು ಮನುಕುಲದ ಒಳಿತಿಗಾಗಿ ಜ್ಞಾನ ಸಂಪತ್ತನ್ನು ನೀಡಿದ್ದಾರೆ. ಯುವ ಪೀಳಿಗೆ ಇದನ್ನು ಅರಿತು ಮುನ್ನಡೆಯಬೇಕು ಎಂದು ಕಿವಿಮಾತು ಹೇಳಿದರು. ಭಗವದ್ಗೀತೆಯ ತತ್ವಗಳು ಇಂದಿಗೂ ಪ್ರಸ್ತುತ. ಕರ್ಮ, ಜ್ಞಾನ, ಭಕ್ತಿ ಮಾರ್ಗಗಳ ಮೂಲಕ ಜೀವನ ಸಾರ್ಥಕಗೊಳಿಸಿಕೊಳ್ಳಬಹುದು. ಸಮಾರಂಭದಲ್ಲಿ ಯೋಗಪಟುಗಳು, ಸಂಶೋಧಕರು ಭಾಗವಹಿಸಿದ್ದರು.
ಭಾಷಣ ಮಾಡುತ್ತಿರುವ ಡಾ.ಕೆ.ಎಲ್.ಶಂಕರನಾರಾಯಣ ಜೋಯಿಸ್.
ಭಾರತದ ಪರಮ ಶ್ರೇಷ್ಠವಾದ ಸಾಹಿತ್ಯ ಉಪನಿಷತ್ತು. ಅದರಲ್ಲಿನ ಆಲೋಚನೆ, ವೇದ, ಇತಿಹಾಸ, ಪುರಾಣ, ಆಧ್ಯಾತ್ಮ ವಿದ್ಯೆಗಳು ಜಗತ್ತಿಗೇ ಮಾರ್ಗದರ್ಶನ ನೀಡುವಂತಿವೆ ಎಂದು ಡಾ.ಕೆ.ಎಲ್.ಶಂಕರನಾರಾಯಣ ಜೋಯಿಸ್ ಅಭಿಪ್ರಾಯಪಟ್ಟರು. ಕರ್ನಾಟಕ ಯೋಗ ಶಿಕ್ಷಕರ ಒಕ್ಕೂಟ ಆಯೋಜಿಸಿದ್ದ ರಾಜ್ಯಮಟ್ಟದ ಪ್ರಥಮ ಯೋಗ ಸಮ್ಮೇಳನದಲ್ಲಿ ಅವರು ಮಾತನಾಡಿದರು. ಉಪನಿಷತ್ತುಗಳ ಅಧ್ಯಯನದಿಂದ ಜೀವನದ ಮೌಲ್ಯಗಳನ್ನು ಅರಿಯಲು ಸಾಧ್ಯ. ಯೋಗ ಮತ್ತು ವೇದಾಂತದ ನಡುವಿನ ಸಂಬಂಧ ಅವಿನಾಭಾವವಾದದ್ದು. ಪ್ರಾಚೀನ ಋಷಿಮುನಿಗಳು ಮನುಕುಲದ ಒಳಿತಿಗಾಗಿ ಜ್ಞಾನ ಸಂಪತ್ತನ್ನು ನೀಡಿದ್ದಾರೆ. ಯುವ ಪೀಳಿಗೆ ಇದನ್ನು ಅರಿತು ಮುನ್ನಡೆಯಬೇಕು ಎಂದು ಕಿವಿಮಾತು ಹೇಳಿದರು. ಭಗವದ್ಗೀತೆಯ ತತ್ವಗಳು ಇಂದಿಗೂ ಪ್ರಸ್ತುತ. ಕರ್ಮ, ಜ್ಞಾನ, ಭಕ್ತಿ ಮಾರ್ಗಗಳ ಮೂಲಕ ಜೀವನ ಸಾರ್ಥಕಗೊಳಿಸಿಕೊಳ್ಳಬಹುದು. ಸಮಾರಂಭದಲ್ಲಿ ಯೋಗಪಟುಗಳು, ಸಂಶೋಧಕರು ಭಾಗವಹಿಸಿದ್ದರು.
ಭಾರತದ ಪರಮ ಶ್ರೇಷ್ಠವಾದ ಸಾಹಿತ್ಯ ಉಪನಿಷತ್ತು. ಅದರಲ್ಲಿನ ಆಲೋಚನೆ, ವೇದ, ಇತಿಹಾಸ, ಪುರಾಣ, ಆಧ್ಯಾತ್ಮ ವಿದ್ಯೆಗಳು ಜಗತ್ತಿಗೇ ಮಾರ್ಗದರ್ಶನ ನೀಡುವಂತಿವೆ ಎಂದು ಡಾ.ಕೆ.ಎಲ್.ಶಂಕರನಾರಾಯಣ ಜೋಯಿಸ್ ಅಭಿಪ್ರಾಯಪಟ್ಟರು. ಕರ್ನಾಟಕ ಯೋಗ ಶಿಕ್ಷಕರ ಒಕ್ಕೂಟ ಆಯೋಜಿಸಿದ್ದ ರಾಜ್ಯಮಟ್ಟದ ಪ್ರಥಮ ಯೋಗ ಸಮ್ಮೇಳನದಲ್ಲಿ ಅವರು ಮಾತನಾಡಿದರು. ಉಪನಿಷತ್ತುಗಳ ಅಧ್ಯಯನದಿಂದ ಜೀವನದ ಮೌಲ್ಯಗಳನ್ನು ಅರಿಯಲು ಸಾಧ್ಯ. ಯೋಗ ಮತ್ತು ವೇದಾಂತದ ನಡುವಿನ ಸಂಬಂಧ ಅವಿನಾಭಾವವಾದದ್ದು. ಪ್ರಾಚೀನ ಋಷಿಮುನಿಗಳು ಮನುಕುಲದ ಒಳಿತಿಗಾಗಿ ಜ್ಞಾನ ಸಂಪತ್ತನ್ನು ನೀಡಿದ್ದಾರೆ. ಯುವ ಪೀಳಿಗೆ ಇದನ್ನು ಅರಿತು ಮುನ್ನಡೆಯಬೇಕು ಎಂದು ಕಿವಿಮಾತು ಹೇಳಿದರು. ಭಗವದ್ಗೀತೆಯ ತತ್ವಗಳು ಇಂದಿಗೂ ಪ್ರಸ್ತುತ. ಕರ್ಮ, ಜ್ಞಾನ, ಭಕ್ತಿ ಮಾರ್ಗಗಳ ಮೂಲಕ ಜೀವನ ಸಾರ್ಥಕಗೊಳಿಸಿಕೊಳ್ಳಬಹುದು. ಸಮಾರಂಭದಲ್ಲಿ ಯೋಗಪಟುಗಳು, ಸಂಶೋಧಕರು ಭಾಗವಹಿಸಿದ್ದರು.
ಕೆಂಪೇಗೌಡರ ಜಯಂತಿ ಜಾತ್ಯತೀತ ಆಚರಣೆಗೆ ಮನವಿ
ಕೆ.ಆರ್.ಪೇಟೆ: ಇದೇ ಜೂನ್ 27 ರಂದು ನಾಡಪ್ರಭು ಕೆಂಪೇಗೌಡರ ಜಯಂತಿಯನ್ನು ಎಲ್ಲ ಸಮುದಾಯಗಳನ್ನು ಒಳಗೊಂಡಂತೆ ಜಾತ್ಯತೀತವಾಗಿ ಆಚರಿಸಬೇಕು ಎಂದು ತಾಲೂಕು ಒಕ್ಕಲಿಗರ ಸಂಘದ ಮುಖಂಡರು ತಹಶೀಲ್ದಾರ್ ಅವರಿಗೆ ಮನವಿ ಸಲ್ಲಿಸಿದರು. ಕೆಂಪೇಗೌಡರು ಎಲ್ಲ ಸಮುದಾಯಗಳಿಗೂ ಪೇಟೆಗಳನ್ನು ನಿರ್ಮಿಸಿ ಬದುಕು ಕಟ್ಟಿಕೊಟ್ಟ ದೂರದೃಷ್ಟಿಯ ನಾಯಕರು. ಬೆಂಗಳೂರು ನಗರವನ್ನು ಕಟ್ಟಿದ ಮಹಾನ್ ವ್ಯಕ್ತಿ. ಅವರ ಜಯಂತಿಯನ್ನು ಸರ್ಕಾರಿ ಕಾರ್ಯಕ್ರಮವಾಗಿ ವಿಜೃಂಭಣೆಯಿಂದ ಆಚರಿಸಬೇಕು. ಶಾಲಾ ಕಾಲೇಜುಗಳಲ್ಲಿ ಕೆಂಪೇಗೌಡರ ಕುರಿತು ಉಪನ್ಯಾಸ ಏರ್ಪಡಿಸಬೇಕು. ತಾಲೂಕು ಆಡಳಿತ ಪೂರ್ವಭಾವಿ ಸಭೆ ಕರೆದು ಸಿದ್ಧತೆ ನಡೆಸಬೇಕು ಎಂದು ಒತ್ತಾಯಿಸಿದರು. ಸಂಘದ ಅಧ್ಯಕ್ಷರು, ಪದಾಧಿಕಾರಿಗಳು, ನಿರ್ದೇಶಕರು ಈ ಸಂದರ್ಭದಲ್ಲಿ ಹಾಜರಿದ್ದರು. ವೃತ್ತಗಳಲ್ಲಿ ಕೆಂಪೇಗೌಡರ ಭಾವಚಿತ್ರ ಇರಿಸಿ ಗೌರವ ಸಲ್ಲಿಸಬೇಕು ಎಂದು ಹೇಳಿದರು.
ಇದೇ ಜೂನ್ 27 ರಂದು ನಾಡಪ್ರಭು ಕೆಂಪೇಗೌಡರ ಜಯಂತಿಯನ್ನು ಎಲ್ಲ ಸಮುದಾಯಗಳನ್ನು ಒಳಗೊಂಡಂತೆ ಜಾತ್ಯತೀತವಾಗಿ ಆಚರಿಸಬೇಕು ಎಂದು ತಾಲೂಕು ಒಕ್ಕಲಿಗರ ಸಂಘದ ಮುಖಂಡರು ತಹಶೀಲ್ದಾರ್ ಅವರಿಗೆ ಮನವಿ ಸಲ್ಲಿಸಿದರು. ಕೆಂಪೇಗೌಡರು ಎಲ್ಲ ಸಮುದಾಯಗಳಿಗೂ ಪೇಟೆಗಳನ್ನು ನಿರ್ಮಿಸಿ ಬದುಕು ಕಟ್ಟಿಕೊಟ್ಟ ದೂರದೃಷ್ಟಿಯ ನಾಯಕರು. ಬೆಂಗಳೂರು ನಗರವನ್ನು ಕಟ್ಟಿದ ಮಹಾನ್ ವ್ಯಕ್ತಿ. ಅವರ ಜಯಂತಿಯನ್ನು ಸರ್ಕಾರಿ ಕಾರ್ಯಕ್ರಮವಾಗಿ ವಿಜೃಂಭಣೆಯಿಂದ ಆಚರಿಸಬೇಕು. ಶಾಲಾ ಕಾಲೇಜುಗಳಲ್ಲಿ ಕೆಂಪೇಗೌಡರ ಕುರಿತು ಉಪನ್ಯಾಸ ಏರ್ಪಡಿಸಬೇಕು. ತಾಲೂಕು ಆಡಳಿತ ಪೂರ್ವಭಾವಿ ಸಭೆ ಕರೆದು ಸಿದ್ಧತೆ ನಡೆಸಬೇಕು ಎಂದು ಒತ್ತಾಯಿಸಿದರು. ಸಂಘದ ಅಧ್ಯಕ್ಷರು, ಪದಾಧಿಕಾರಿಗಳು, ನಿರ್ದೇಶಕರು ಈ ಸಂದರ್ಭದಲ್ಲಿ ಹಾಜರಿದ್ದರು. ವೃತ್ತಗಳಲ್ಲಿ ಕೆಂಪೇಗೌಡರ ಭಾವಚಿತ್ರ ಇರಿಸಿ ಗೌರವ ಸಲ್ಲಿಸಬೇಕು ಎಂದು ಹೇಳಿದರು.
